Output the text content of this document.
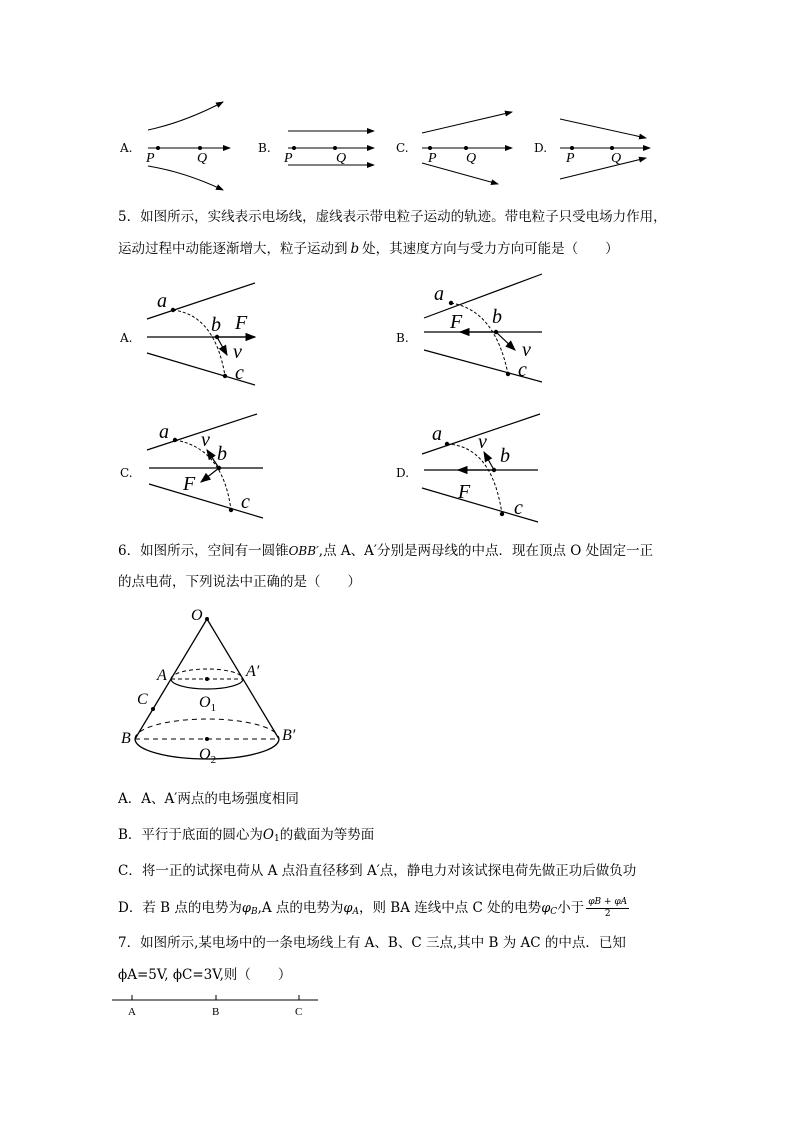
A.
P	Q
B.
P	Q
C.
P Q
D.
P	Q
5．如图所示，实线表示电场线，虚线表示带电粒子运动的轨迹。带电粒子只受电场力作用，
运动过程中动能逐渐增大，粒子运动到 b 处，其速度方向与受力方向可能是（　　）
A.
a
b
c
F
v
B.
a
b
c
F
v
C.
a
b
c
v
F	D.
a
b
c
v
F
6．如图所示，空间有一圆锥OBB′,点 A、A′分别是两母线的中点．现在顶点 O 处固定一正
的点电荷，下列说法中正确的是（　　）
O
A	A′
$O_1$
C
B	B′
$O_2$
A．A、A′两点的电场强度相同
B．平行于底面的圆心为$O_1$的截面为等势面
C．将一正的试探电荷从 A 点沿直径移到 A′点，静电力对该试探电荷先做正功后做负功
D．若 B 点的电势为$\varphi_B,A$ 点的电势为$\varphi_A$，则 BA 连线中点 C 处的电势$\varphi_C$小于 $\frac{\varphi B + \varphi A}{2}$
7．如图所示,某电场中的一条电场线上有 A、B、C 三点,其中 B 为 AC 的中点．已知
ϕA=5V, ϕC=3V,则（　　）
A	B	C
